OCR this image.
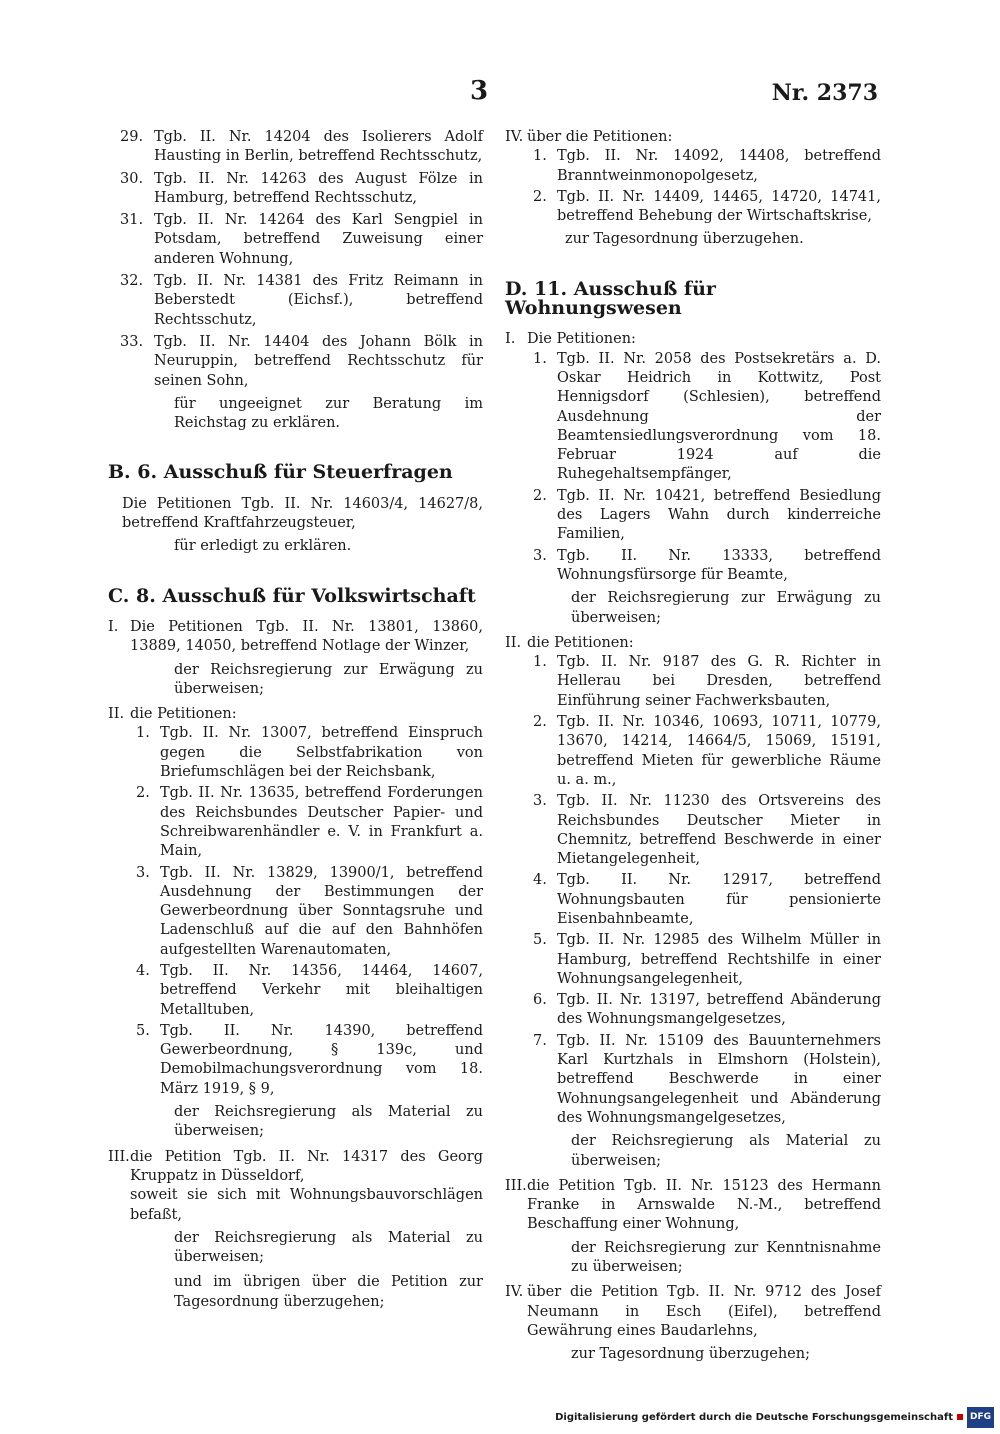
3	Nr. 2373
29. Tgb. II. Nr. 14204 des Isolierers Adolf Hausting in Berlin, betreffend Rechtsschutz,
30. Tgb. II. Nr. 14263 des August Fölze in Hamburg, betreffend Rechtsschutz,
31. Tgb. II. Nr. 14264 des Karl Sengpiel in Potsdam, betreffend Zuweisung einer anderen Wohnung,
32. Tgb. II. Nr. 14381 des Fritz Reimann in Beberstedt (Eichsf.), betreffend Rechtsschutz,
33. Tgb. II. Nr. 14404 des Johann Bölk in Neuruppin, betreffend Rechtsschutz für seinen Sohn,
für ungeeignet zur Beratung im Reichstag zu erklären.
B. 6. Ausschuß für Steuerfragen
Die Petitionen Tgb. II. Nr. 14603/4, 14627/8, betreffend Kraftfahrzeugsteuer,
für erledigt zu erklären.
C. 8. Ausschuß für Volkswirtschaft
I. Die Petitionen Tgb. II. Nr. 13801, 13860, 13889, 14050, betreffend Notlage der Winzer,
der Reichsregierung zur Erwägung zu überweisen;
II. die Petitionen:
1. Tgb. II. Nr. 13007, betreffend Einspruch gegen die Selbstfabrikation von Briefumschlägen bei der Reichsbank,
2. Tgb. II. Nr. 13635, betreffend Forderungen des Reichsbundes Deutscher Papier- und Schreibwarenhändler e. V. in Frankfurt a. Main,
3. Tgb. II. Nr. 13829, 13900/1, betreffend Ausdehnung der Bestimmungen der Gewerbeordnung über Sonntagsruhe und Ladenschluß auf die auf den Bahnhöfen aufgestellten Warenautomaten,
4. Tgb. II. Nr. 14356, 14464, 14607, betreffend Verkehr mit bleihaltigen Metalltuben,
5. Tgb. II. Nr. 14390, betreffend Gewerbeordnung, § 139c, und Demobilmachungsverordnung vom 18. März 1919, § 9,
der Reichsregierung als Material zu überweisen;
III. die Petition Tgb. II. Nr. 14317 des Georg Kruppatz in Düsseldorf,
soweit sie sich mit Wohnungsbauvorschlägen befaßt,
der Reichsregierung als Material zu überweisen;
und im übrigen über die Petition zur Tagesordnung überzugehen;
IV. über die Petitionen:
1. Tgb. II. Nr. 14092, 14408, betreffend Branntweinmonopolgesetz,
2. Tgb. II. Nr. 14409, 14465, 14720, 14741, betreffend Behebung der Wirtschaftskrise,
zur Tagesordnung überzugehen.
D. 11. Ausschuß für Wohnungswesen
I. Die Petitionen:
1. Tgb. II. Nr. 2058 des Postsekretärs a. D. Oskar Heidrich in Kottwitz, Post Hennigsdorf (Schlesien), betreffend Ausdehnung der Beamtensiedlungsverordnung vom 18. Februar 1924 auf die Ruhegehaltsempfänger,
2. Tgb. II. Nr. 10421, betreffend Besiedlung des Lagers Wahn durch kinderreiche Familien,
3. Tgb. II. Nr. 13333, betreffend Wohnungsfürsorge für Beamte,
der Reichsregierung zur Erwägung zu überweisen;
II. die Petitionen:
1. Tgb. II. Nr. 9187 des G. R. Richter in Hellerau bei Dresden, betreffend Einführung seiner Fachwerksbauten,
2. Tgb. II. Nr. 10346, 10693, 10711, 10779, 13670, 14214, 14664/5, 15069, 15191, betreffend Mieten für gewerbliche Räume u. a. m.,
3. Tgb. II. Nr. 11230 des Ortsvereins des Reichsbundes Deutscher Mieter in Chemnitz, betreffend Beschwerde in einer Mietangelegenheit,
4. Tgb. II. Nr. 12917, betreffend Wohnungsbauten für pensionierte Eisenbahnbeamte,
5. Tgb. II. Nr. 12985 des Wilhelm Müller in Hamburg, betreffend Rechtshilfe in einer Wohnungsangelegenheit,
6. Tgb. II. Nr. 13197, betreffend Abänderung des Wohnungsmangelgesetzes,
7. Tgb. II. Nr. 15109 des Bauunternehmers Karl Kurtzhals in Elmshorn (Holstein), betreffend Beschwerde in einer Wohnungsangelegenheit und Abänderung des Wohnungsmangelgesetzes,
der Reichsregierung als Material zu überweisen;
III. die Petition Tgb. II. Nr. 15123 des Hermann Franke in Arnswalde N.-M., betreffend Beschaffung einer Wohnung,
der Reichsregierung zur Kenntnisnahme zu überweisen;
IV. über die Petition Tgb. II. Nr. 9712 des Josef Neumann in Esch (Eifel), betreffend Gewährung eines Baudarlehns,
zur Tagesordnung überzugehen;
Digitalisierung gefördert durch die Deutsche Forschungsgemeinschaft	DFG
